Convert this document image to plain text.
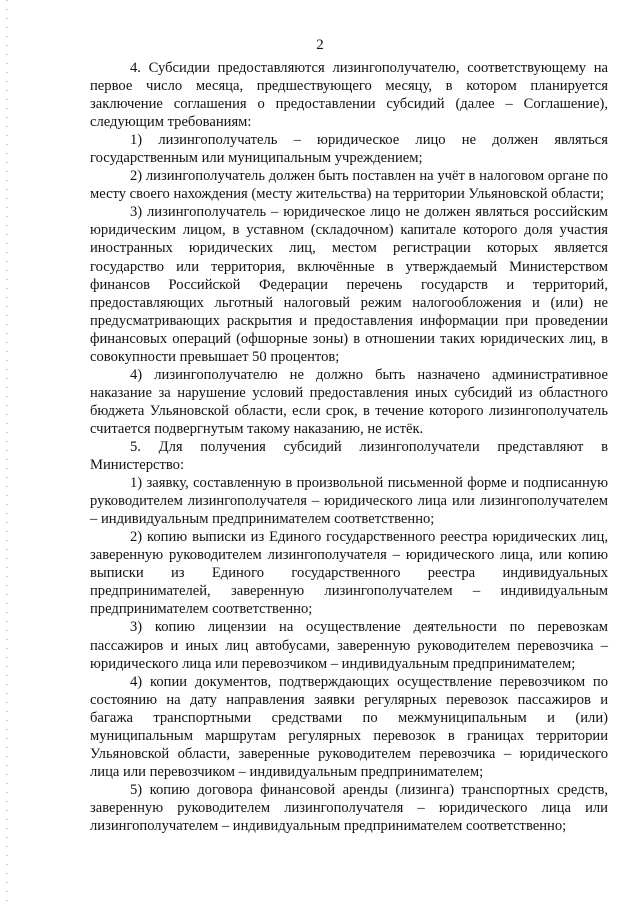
2

4. Субсидии предоставляются лизингополучателю, соответствующему на первое число месяца, предшествующего месяцу, в котором планируется заключение соглашения о предоставлении субсидий (далее – Соглашение), следующим требованиям:

1) лизингополучатель – юридическое лицо не должен являться государственным или муниципальным учреждением;

2) лизингополучатель должен быть поставлен на учёт в налоговом органе по месту своего нахождения (месту жительства) на территории Ульяновской области;

3) лизингополучатель – юридическое лицо не должен являться российским юридическим лицом, в уставном (складочном) капитале которого доля участия иностранных юридических лиц, местом регистрации которых является государство или территория, включённые в утверждаемый Министерством финансов Российской Федерации перечень государств и территорий, предоставляющих льготный налоговый режим налогообложения и (или) не предусматривающих раскрытия и предоставления информации при проведении финансовых операций (офшорные зоны) в отношении таких юридических лиц, в совокупности превышает 50 процентов;

4) лизингополучателю не должно быть назначено административное наказание за нарушение условий предоставления иных субсидий из областного бюджета Ульяновской области, если срок, в течение которого лизингополучатель считается подвергнутым такому наказанию, не истёк.

5. Для получения субсидий лизингополучатели представляют в Министерство:

1) заявку, составленную в произвольной письменной форме и подписанную руководителем лизингополучателя – юридического лица или лизингополучателем – индивидуальным предпринимателем соответственно;

2) копию выписки из Единого государственного реестра юридических лиц, заверенную руководителем лизингополучателя – юридического лица, или копию выписки из Единого государственного реестра индивидуальных предпринимателей, заверенную лизингополучателем – индивидуальным предпринимателем соответственно;

3) копию лицензии на осуществление деятельности по перевозкам пассажиров и иных лиц автобусами, заверенную руководителем перевозчика – юридического лица или перевозчиком – индивидуальным предпринимателем;

4) копии документов, подтверждающих осуществление перевозчиком по состоянию на дату направления заявки регулярных перевозок пассажиров и багажа транспортными средствами по межмуниципальным и (или) муниципальным маршрутам регулярных перевозок в границах территории Ульяновской области, заверенные руководителем перевозчика – юридического лица или перевозчиком – индивидуальным предпринимателем;

5) копию договора финансовой аренды (лизинга) транспортных средств, заверенную руководителем лизингополучателя – юридического лица или лизингополучателем – индивидуальным предпринимателем соответственно;
